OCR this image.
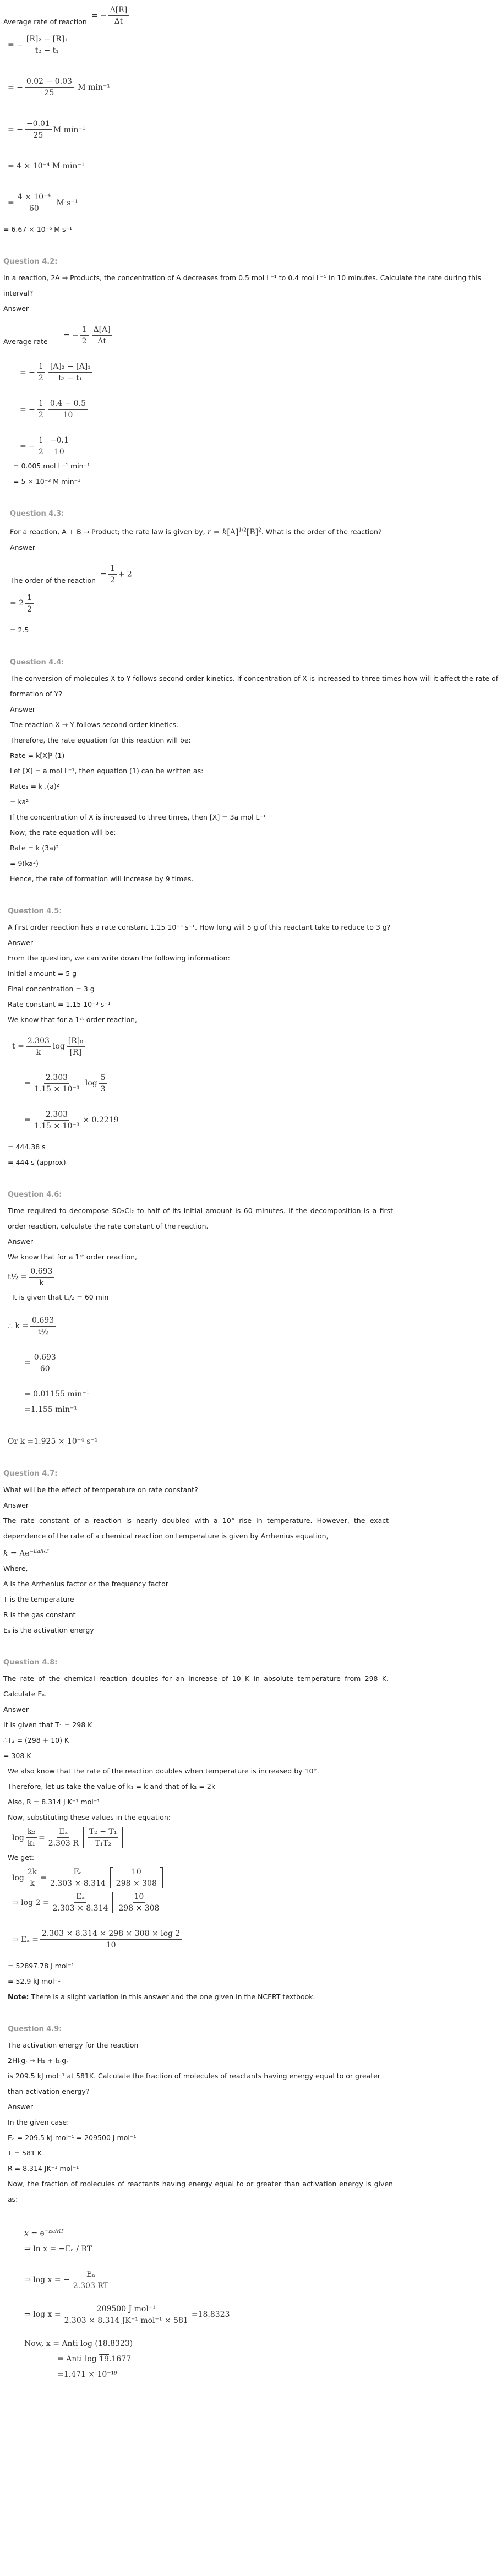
Average rate of reaction
= − $\frac{\Delta[R]}{\Delta t}$
= − $\frac{\text{[R]₂ − [R]₁}}{\text{t₂ − t₁}}$
= − $\frac{0.02 - 0.03}{25}$
M min⁻¹
= − $\frac{-0.01}{25}$ M min⁻¹
= 4 × 10⁻⁴ M min⁻¹
= $\frac{\text{4 × 10⁻⁴}}{60}$
M s⁻¹
= 6.67 × 10⁻⁶ M s⁻¹
Question 4.2:
In a reaction, 2A → Products, the concentration of A decreases from 0.5 mol L⁻¹ to 0.4 mol L⁻¹ in 10 minutes. Calculate the rate during this interval?
Answer
Average rate
= − $\frac{1}{2} \frac{\Delta[A]}{\Delta t}$
= − $\frac{1}{2} \frac{\text{[A]₂ − [A]₁}}{\text{t₂ − t₁}}$
= − $\frac{1}{2} \frac{0.4 - 0.5}{10}$
= − $\frac{1}{2} \frac{-0.1}{10}$
= 0.005 mol L⁻¹ min⁻¹
= 5 × 10⁻³ M min⁻¹
Question 4.3:
For a reaction, A + B → Product; the rate law is given by, $r = k[A]^{1/2}[B]^2$. What is the order of the reaction?
Answer
The order of the reaction
= $\frac{1}{2} + 2$
= $2 \frac{1}{2}$
= 2.5
Question 4.4:
The conversion of molecules X to Y follows second order kinetics. If concentration of X is increased to three times how will it affect the rate of formation of Y?
Answer
The reaction X → Y follows second order kinetics.
Therefore, the rate equation for this reaction will be:
Rate = k[X]² (1)
Let [X] = a mol L⁻¹, then equation (1) can be written as:
Rate₁ = k .(a)²
= ka²
If the concentration of X is increased to three times, then [X] = 3a mol L⁻¹
Now, the rate equation will be:
Rate = k (3a)²
= 9(ka²)
Hence, the rate of formation will increase by 9 times.
Question 4.5:
A first order reaction has a rate constant 1.15 10⁻³ s⁻¹. How long will 5 g of this reactant take to reduce to 3 g?
Answer
From the question, we can write down the following information:
Initial amount = 5 g
Final concentration = 3 g
Rate constant = 1.15 10⁻³ s⁻¹
We know that for a 1ˢᵗ order reaction,
$t = \frac{2.303}{k}$ $\log \frac{\text{[R]₀}}{[R]}$
= $\frac{2.303}{\text{1.15 × 10⁻³}}$
$\log \frac{5}{3}$
= $\frac{2.303}{\text{1.15 × 10⁻³}} \times 0.2219$
= 444.38 s
= 444 s (approx)
Question 4.6:
Time required to decompose SO₂Cl₂ to half of its initial amount is 60 minutes. If the decomposition is a first order reaction, calculate the rate constant of the reaction.
Answer
We know that for a 1ˢᵗ order reaction,
t½ = $\frac{0.693}{k}$
It is given that t₁/₂ = 60 min
∴ $k = \frac{0.693}{\text{t½}}$
= $\frac{0.693}{60}$
= 0.01155 min⁻¹
=1.155 min⁻¹
Or k =1.925 × 10⁻⁴ s⁻¹
Question 4.7:
What will be the effect of temperature on rate constant?
Answer
The rate constant of a reaction is nearly doubled with a 10° rise in temperature. However, the exact dependence of the rate of a chemical reaction on temperature is given by Arrhenius equation,
$k = Ae^{-Ea/RT}$
Where,
A is the Arrhenius factor or the frequency factor
T is the temperature
R is the gas constant
Eₐ is the activation energy
Question 4.8:
The rate of the chemical reaction doubles for an increase of 10 K in absolute temperature from 298 K. Calculate Eₐ.
Answer
It is given that T₁ = 298 K
∴T₂ = (298 + 10) K
= 308 K
We also know that the rate of the reaction doubles when temperature is increased by 10°.
Therefore, let us take the value of k₁ = k and that of k₂ = 2k
Also, R = 8.314 J K⁻¹ mol⁻¹
Now, substituting these values in the equation:
$\log \frac{\text{k₂}}{\text{k₁}} = \frac{\text{Eₐ}}{2.303 R} \frac{\text{T₂ − T₁}}{\text{T₁T₂}}$
We get:
$\log \frac{2k}{k} = \frac{\text{Eₐ}}{2.303 \times 8.314} \frac{10}{298 \times 308}$
⇒ $\log 2 = \frac{\text{Eₐ}}{2.303 \times 8.314} \frac{10}{298 \times 308}$
⇒ $E_a = \frac{2.303 \times 8.314 \times 298 \times 308 \times \log 2}{10}$
= 52897.78 J mol⁻¹
= 52.9 kJ mol⁻¹
Note: There is a slight variation in this answer and the one given in the NCERT textbook.
Question 4.9:
The activation energy for the reaction
2HI₍g₎ → H₂ + I₂₍g₎
is 209.5 kJ mol⁻¹ at 581K. Calculate the fraction of molecules of reactants having energy equal to or greater than activation energy?
Answer
In the given case:
Eₐ = 209.5 kJ mol⁻¹ = 209500 J mol⁻¹
T = 581 K
R = 8.314 JK⁻¹ mol⁻¹
Now, the fraction of molecules of reactants having energy equal to or greater than activation energy is given as:
$x = e^{-Ea/RT}$
⇒ ln x = −Eₐ / RT
⇒ log x = − $\frac{\text{Eₐ}}{2.303 RT}$
⇒ $\log x = \frac{\text{209500 J mol⁻¹}}{\text{2.303 × 8.314 JK⁻¹ mol⁻¹ × 581}} =18.8323$
Now, x = Anti log (18.8323)
= Anti log 19.1677
=1.471 × 10⁻¹⁹
